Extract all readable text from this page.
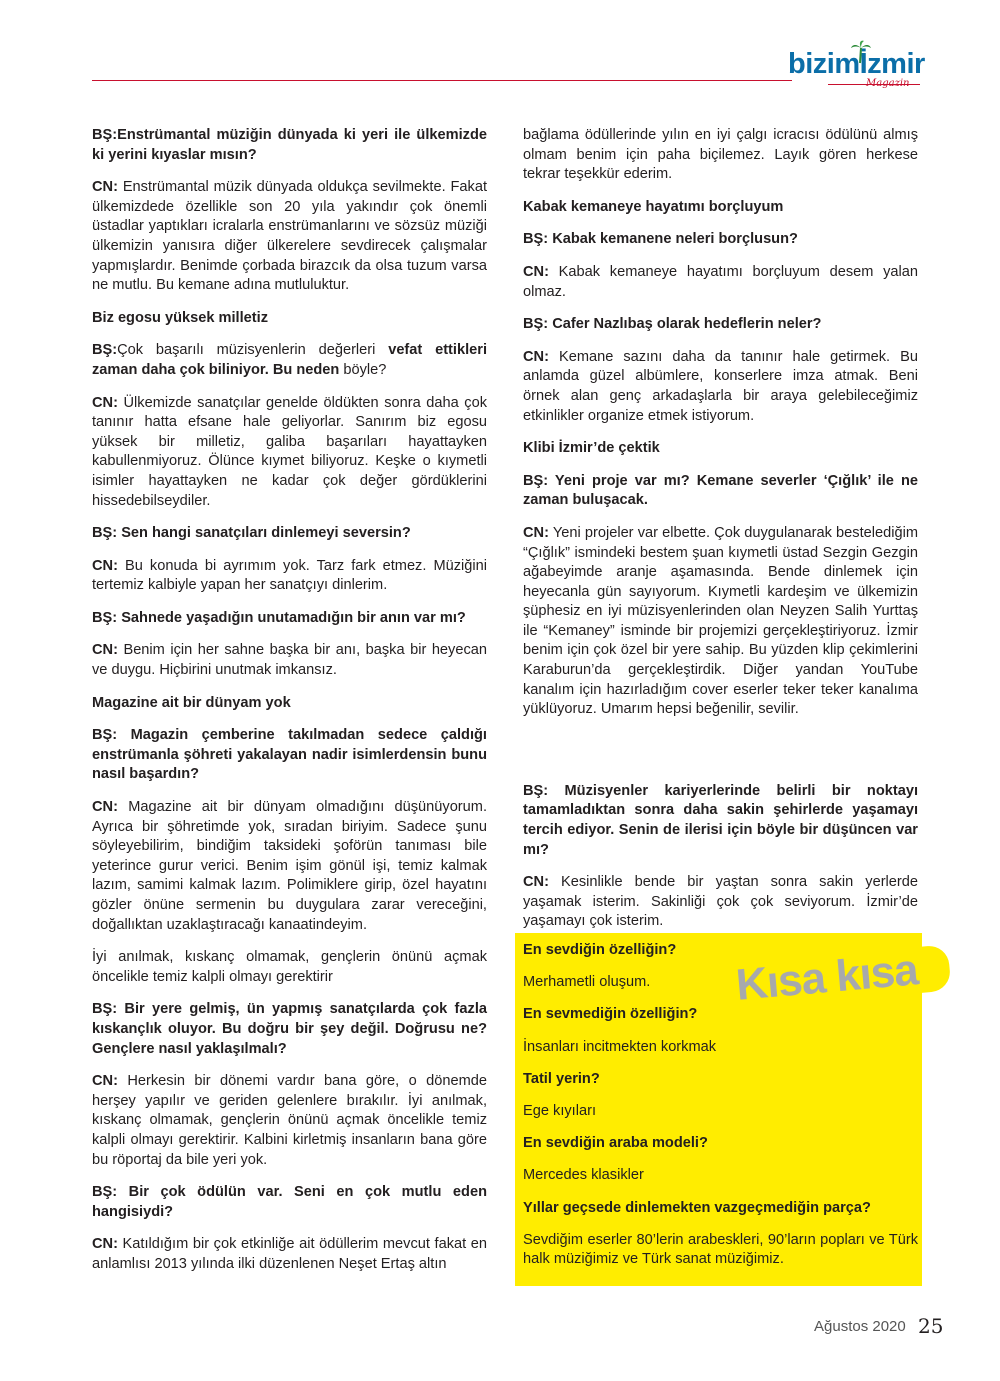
bizimİzmir
Magazin

BŞ:Enstrümantal müziğin dünyada ki yeri ile ülkemizde ki yerini kıyaslar mısın?

CN: Enstrümantal müzik dünyada oldukça sevilmekte. Fakat ülkemizdede özellikle son 20 yıla yakındır çok önemli üstadlar yaptıkları icralarla enstrümanlarını ve sözsüz müziği ülkemizin yanısıra diğer ülkerelere sevdirecek çalışmalar yapmışlardır. Benimde çorbada birazcık da olsa tuzum varsa ne mutlu. Bu kemane adına mutluluktur.

Biz egosu yüksek milletiz

BŞ:Çok başarılı müzisyenlerin değerleri vefat ettikleri zaman daha çok biliniyor. Bu neden böyle?

CN: Ülkemizde sanatçılar genelde öldükten sonra daha çok tanınır hatta efsane hale geliyorlar. Sanırım biz egosu yüksek bir milletiz, galiba başarıları hayattayken kabullenmiyoruz. Ölünce kıymet biliyoruz. Keşke o kıymetli isimler hayattayken ne kadar çok değer gördüklerini hissedebilseydiler.

BŞ: Sen hangi sanatçıları dinlemeyi seversin?

CN: Bu konuda bi ayrımım yok. Tarz fark etmez. Müziğini tertemiz kalbiyle yapan her sanatçıyı dinlerim.

BŞ: Sahnede yaşadığın unutamadığın bir anın var mı?

CN: Benim için her sahne başka bir anı, başka bir heyecan ve duygu. Hiçbirini unutmak imkansız.

Magazine ait bir dünyam yok

BŞ: Magazin çemberine takılmadan sedece çaldığı enstrümanla şöhreti yakalayan nadir isimlerdensin bunu nasıl başardın?

CN: Magazine ait bir dünyam olmadığını düşünüyorum. Ayrıca bir şöhretimde yok, sıradan biriyim. Sadece şunu söyleyebilirim, bindiğim taksideki şoförün tanıması bile yeterince gurur verici. Benim işim gönül işi, temiz kalmak lazım, samimi kalmak lazım. Polimiklere girip, özel hayatını gözler önüne sermenin bu duygulara zarar vereceğini, doğallıktan uzaklaştıracağı kanaatindeyim.

İyi anılmak, kıskanç olmamak, gençlerin önünü açmak öncelikle temiz kalpli olmayı gerektirir

BŞ: Bir yere gelmiş, ün yapmış sanatçılarda çok fazla kıskançlık oluyor. Bu doğru bir şey değil. Doğrusu ne? Gençlere nasıl yaklaşılmalı?

CN: Herkesin bir dönemi vardır bana göre, o dönemde herşey yapılır ve geriden gelenlere bırakılır. İyi anılmak, kıskanç olmamak, gençlerin önünü açmak öncelikle temiz kalpli olmayı gerektirir. Kalbini kirletmiş insanların bana göre bu röportaj da bile yeri yok.

BŞ: Bir çok ödülün var. Seni en çok mutlu eden hangisiydi?

CN: Katıldığım bir çok etkinliğe ait ödüllerim mevcut fakat en anlamlısı 2013 yılında ilki düzenlenen Neşet Ertaş altın

bağlama ödüllerinde yılın en iyi çalgı icracısı ödülünü almış olmam benim için paha biçilemez. Layık gören herkese tekrar teşekkür ederim.

Kabak kemaneye hayatımı borçluyum

BŞ: Kabak kemanene neleri borçlusun?

CN: Kabak kemaneye hayatımı borçluyum desem yalan olmaz.

BŞ: Cafer Nazlıbaş olarak hedeflerin neler?

CN: Kemane sazını daha da tanınır hale getirmek. Bu anlamda güzel albümlere, konserlere imza atmak. Beni örnek alan genç arkadaşlarla bir araya gelebileceğimiz etkinlikler organize etmek istiyorum.

Klibi İzmir’de çektik

BŞ: Yeni proje var mı? Kemane severler ‘Çığlık’ ile ne zaman buluşacak.

CN: Yeni projeler var elbette. Çok duygulanarak bestelediğim “Çığlık” ismindeki bestem şuan kıymetli üstad Sezgin Gezgin ağabeyimde aranje aşamasında. Bende dinlemek için heyecanla gün sayıyorum. Kıymetli kardeşim ve ülkemizin şüphesiz en iyi müzisyenlerinden olan Neyzen Salih Yurttaş ile “Kemaney” isminde bir projemizi gerçekleştiriyoruz. İzmir benim için çok özel bir yere sahip. Bu yüzden klip çekimlerini Karaburun’da gerçekleştirdik. Diğer yandan YouTube kanalım için hazırladığım cover eserler teker teker kanalıma yüklüyoruz. Umarım hepsi beğenilir, sevilir.

BŞ: Müzisyenler kariyerlerinde belirli bir noktayı tamamladıktan sonra daha sakin şehirlerde yaşamayı tercih ediyor. Senin de ilerisi için böyle bir düşüncen var mı?

CN: Kesinlikle bende bir yaştan sonra sakin yerlerde yaşamak isterim. Sakinliği çok çok seviyorum. İzmir’de yaşamayı çok isterim.

En sevdiğin özelliğin?

Merhametli oluşum.

En sevmediğin özelliğin?

İnsanları incitmekten korkmak

Tatil yerin?

Ege kıyıları

En sevdiğin araba modeli?

Mercedes klasikler

Yıllar geçsede dinlemekten vazgeçmediğin parça?

Sevdiğim eserler 80’lerin arabeskleri, 90’ların popları ve Türk halk müziğimiz ve Türk sanat müziğimiz.

Kısa kısa
Ağustos 2020 25
